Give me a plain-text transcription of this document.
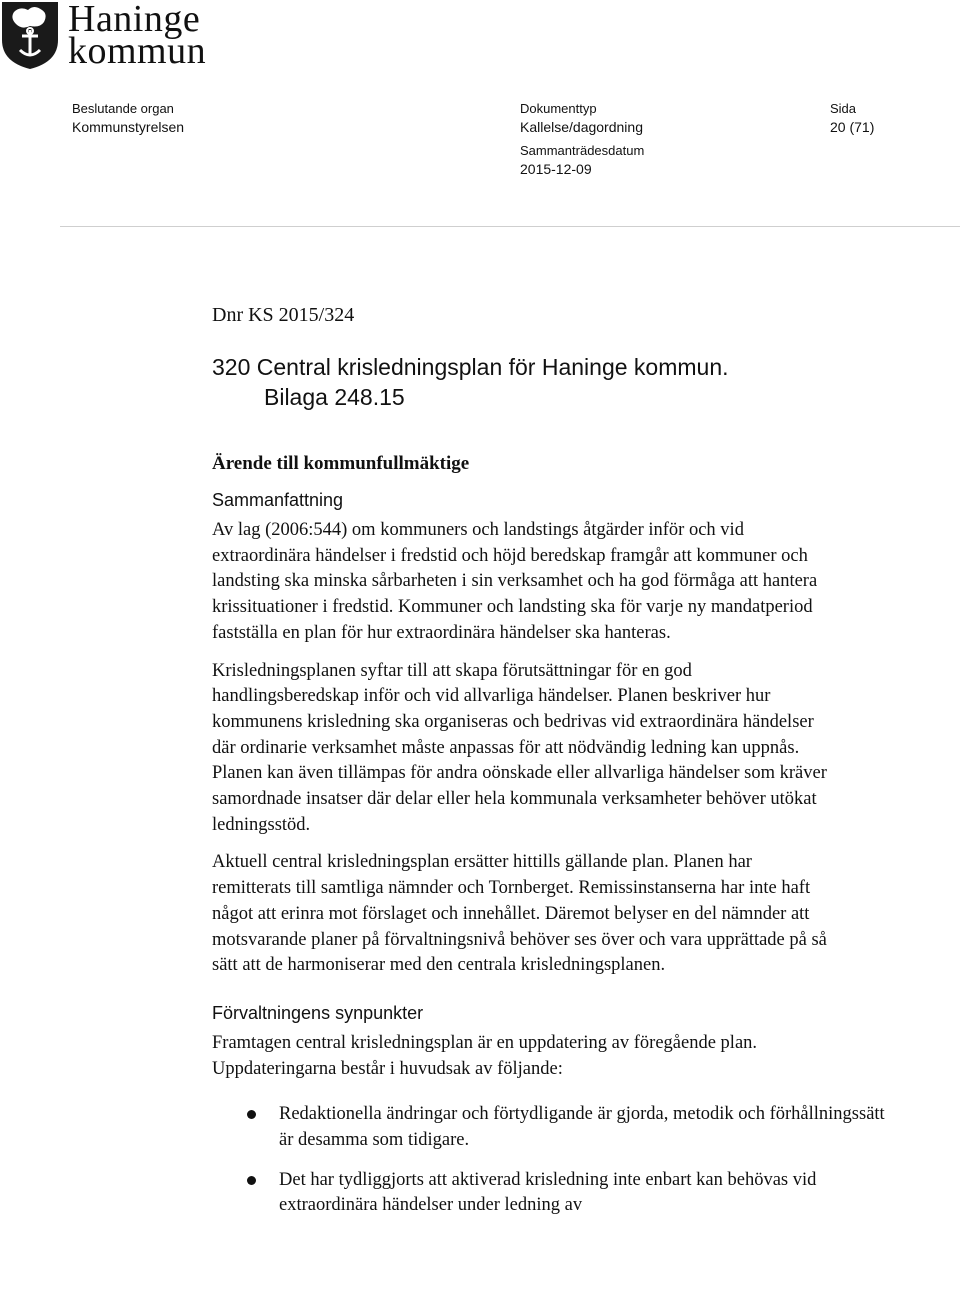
Haninge
kommun
Beslutande organ
Kommunstyrelsen
Dokumenttyp
Kallelse/dagordning
Sida
20 (71)
Sammanträdesdatum
2015-12-09

Dnr KS 2015/324

320 Central krisledningsplan för Haninge kommun.
Bilaga 248.15
Ärende till kommunfullmäktige
Sammanfattning

Av lag (2006:544) om kommuners och landstings åtgärder inför och vid extraordinära händelser i fredstid och höjd beredskap framgår att kommuner och landsting ska minska sårbarheten i sin verksamhet och ha god förmåga att hantera krissituationer i fredstid. Kommuner och landsting ska för varje ny mandatperiod fastställa en plan för hur extraordinära händelser ska hanteras.

Krisledningsplanen syftar till att skapa förutsättningar för en god handlingsberedskap inför och vid allvarliga händelser. Planen beskriver hur kommunens krisledning ska organiseras och bedrivas vid extraordinära händelser där ordinarie verksamhet måste anpassas för att nödvändig ledning kan uppnås. Planen kan även tillämpas för andra oönskade eller allvarliga händelser som kräver samordnade insatser där delar eller hela kommunala verksamheter behöver utökat ledningsstöd.

Aktuell central krisledningsplan ersätter hittills gällande plan. Planen har remitterats till samtliga nämnder och Tornberget. Remissinstanserna har inte haft något att erinra mot förslaget och innehållet. Däremot belyser en del nämnder att motsvarande planer på förvaltningsnivå behöver ses över och vara upprättade på så sätt att de harmoniserar med den centrala krisledningsplanen.

Förvaltningens synpunkter

Framtagen central krisledningsplan är en uppdatering av föregående plan. Uppdateringarna består i huvudsak av följande:

Redaktionella ändringar och förtydligande är gjorda, metodik och förhållningssätt är desamma som tidigare.
Det har tydliggjorts att aktiverad krisledning inte enbart kan behövas vid extraordinära händelser under ledning av
